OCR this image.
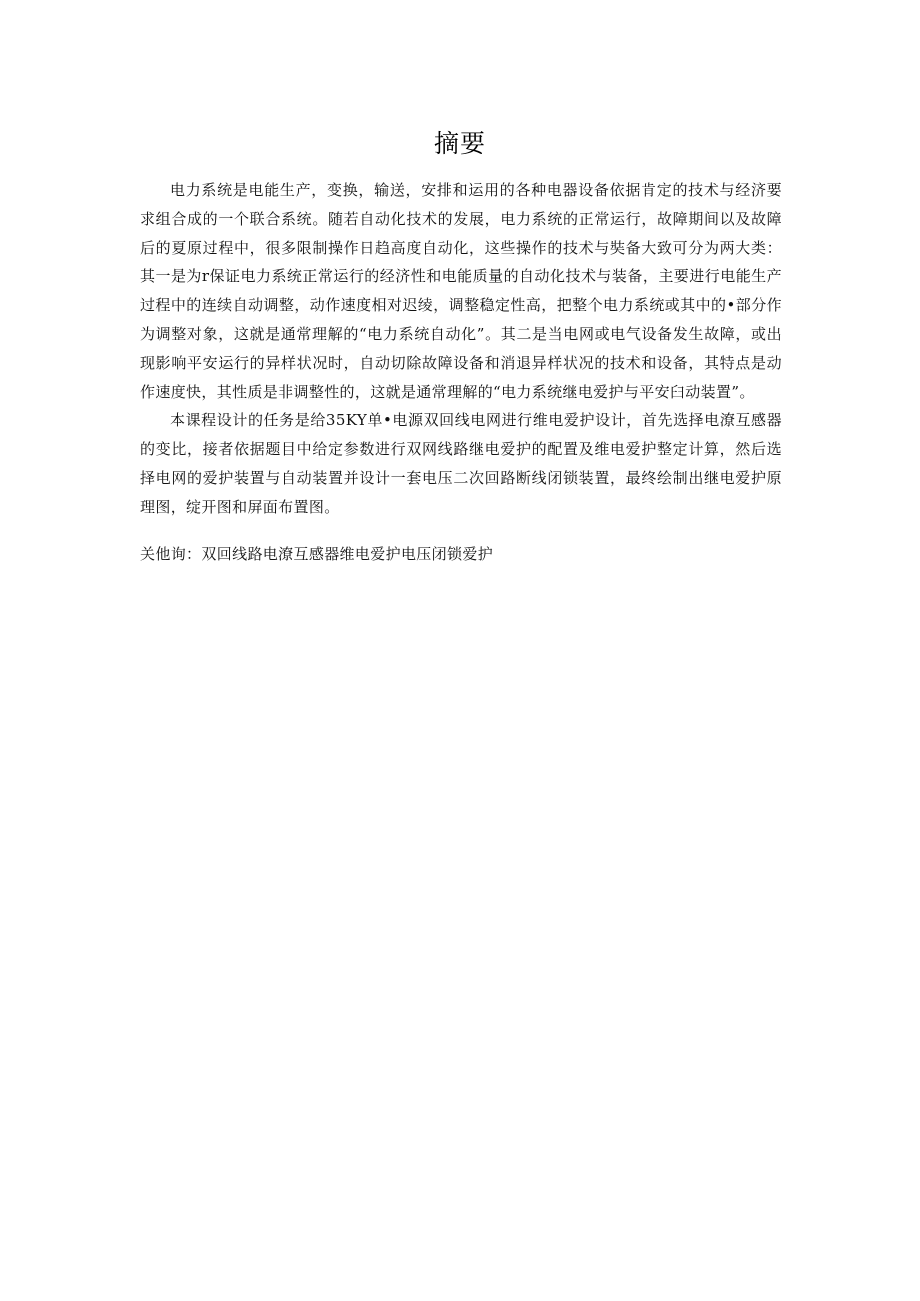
摘要

电力系统是电能生产，变换，输送，安排和运用的各种电器设备依据肯定的技术与经济要求组合成的一个联合系统。随若自动化技术的发展，电力系统的正常运行，故障期间以及故障后的夏原过程中，很多限制操作日趋高度自动化，这些操作的技术与奘备大致可分为两大类：其一是为r保证电力系统正常运行的经济性和电能质量的自动化技术与装备，主要进行电能生产过程中的连续自动调整，动作速度相对迟绫，调整稳定性高，把整个电力系统或其中的•部分作为调整对象，这就是通常理解的“电力系统自动化”。其二是当电网或电气设备发生故障，或出现影响平安运行的异样状况时，自动切除故障设备和消退异样状况的技术和设备，其特点是动作速度快，其性质是非调整性的，这就是通常理解的“电力系统继电爱护与平安臼动装置”。

本课程设计的任务是给35KY单•电源双回线电网进行维电爱护设计，首先选择电潦互感器的变比，接者依据题目中给定参数进行双网线路继电爱护的配置及维电爱护整定计算，然后选择电网的爱护装置与自动装置并设计一套电压二次回路断线闭锁装置，最终绘制出继电爱护原理图，绽开图和屏面布置图。

关他询：双回线路电潦互感器维电爱护电压闭锁爱护
